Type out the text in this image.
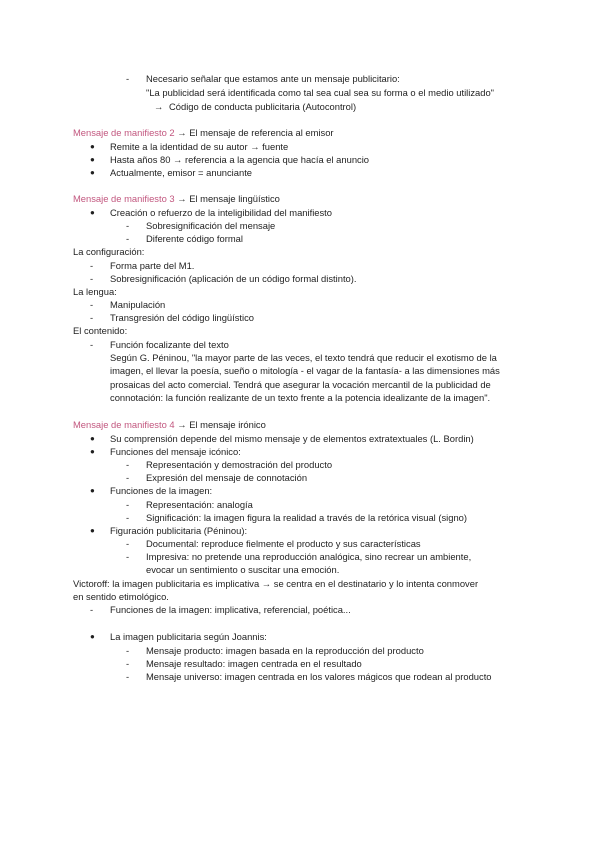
- Necesario señalar que estamos ante un mensaje publicitario:
"La publicidad será identificada como tal sea cual sea su forma o el medio utilizado"
→ Código de conducta publicitaria (Autocontrol)
Mensaje de manifiesto 2 → El mensaje de referencia al emisor
● Remite a la identidad de su autor → fuente
● Hasta años 80 → referencia a la agencia que hacía el anuncio
● Actualmente, emisor = anunciante
Mensaje de manifiesto 3 → El mensaje lingüístico
● Creación o refuerzo de la inteligibilidad del manifiesto
- Sobresignificación del mensaje
- Diferente código formal
La configuración:
- Forma parte del M1.
- Sobresignificación (aplicación de un código formal distinto).
La lengua:
- Manipulación
- Transgresión del código lingüístico
El contenido:
- Función focalizante del texto
Según G. Péninou, "la mayor parte de las veces, el texto tendrá que reducir el exotismo de la imagen, el llevar la poesía, sueño o mitología - el vagar de la fantasía- a las dimensiones más prosaicas del acto comercial. Tendrá que asegurar la vocación mercantil de la publicidad de connotación: la función realizante de un texto frente a la potencia idealizante de la imagen".
Mensaje de manifiesto 4 → El mensaje irónico
● Su comprensión depende del mismo mensaje y de elementos extratextuales (L. Bordin)
● Funciones del mensaje icónico:
- Representación y demostración del producto
- Expresión del mensaje de connotación
● Funciones de la imagen:
- Representación: analogía
- Significación: la imagen figura la realidad a través de la retórica visual (signo)
● Figuración publicitaria (Péninou):
- Documental: reproduce fielmente el producto y sus características
- Impresiva: no pretende una reproducción analógica, sino recrear un ambiente,
evocar un sentimiento o suscitar una emoción.
Victoroff: la imagen publicitaria es implicativa → se centra en el destinatario y lo intenta conmover
en sentido etimológico.
- Funciones de la imagen: implicativa, referencial, poética...
● La imagen publicitaria según Joannis:
- Mensaje producto: imagen basada en la reproducción del producto
- Mensaje resultado: imagen centrada en el resultado
- Mensaje universo: imagen centrada en los valores mágicos que rodean al producto
